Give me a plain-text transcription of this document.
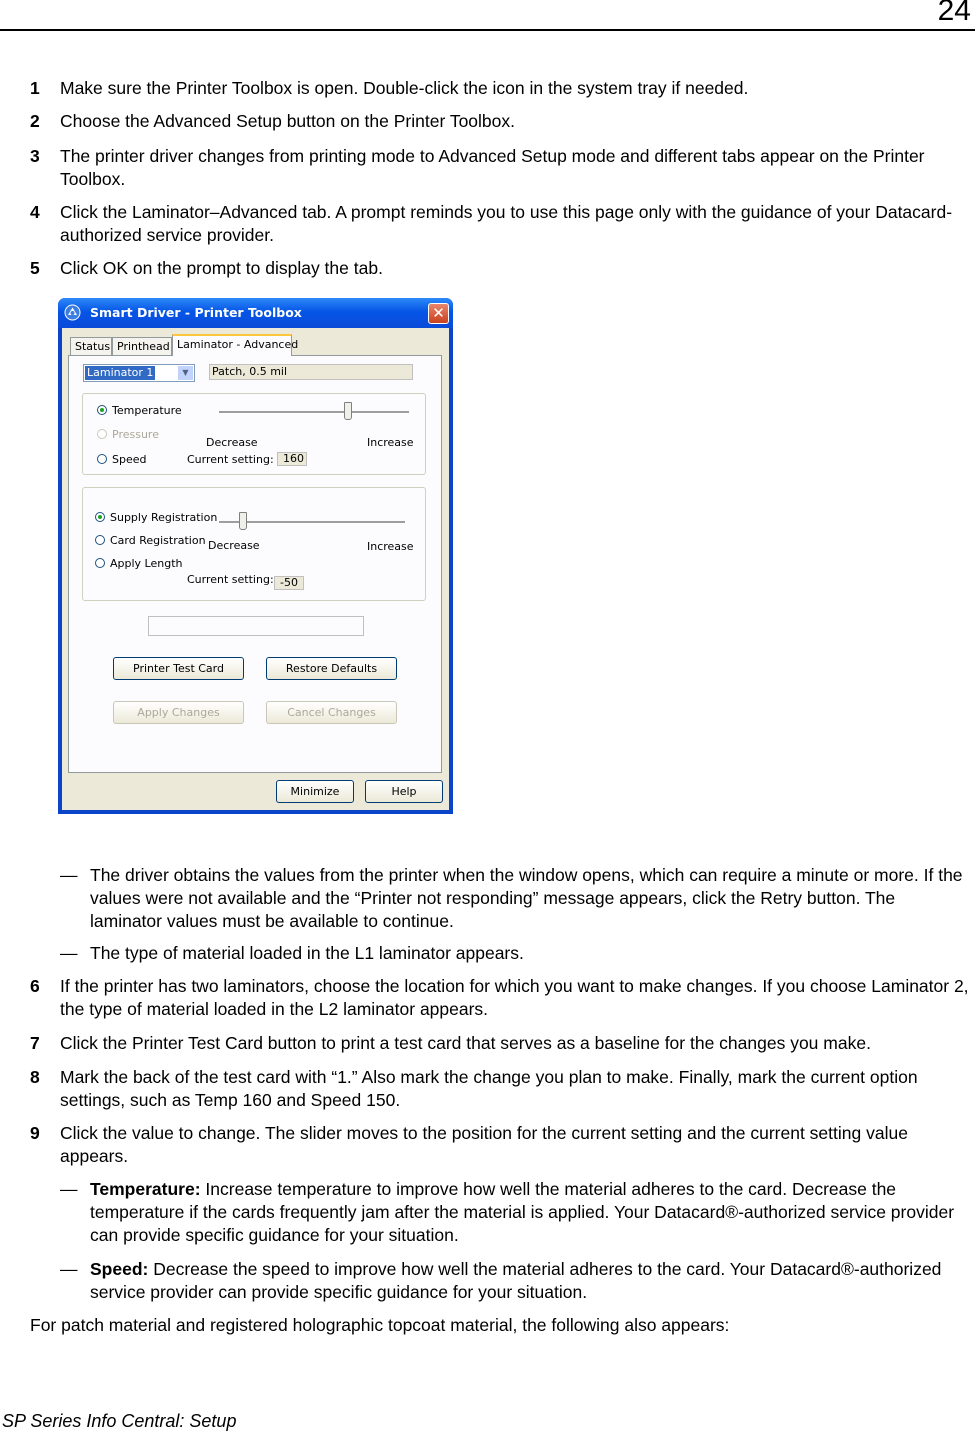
24
1 Make sure the Printer Toolbox is open. Double-click the icon in the system tray if needed.
2 Choose the Advanced Setup button on the Printer Toolbox.
3 The printer driver changes from printing mode to Advanced Setup mode and different tabs appear on the Printer Toolbox.
4 Click the Laminator–Advanced tab. A prompt reminds you to use this page only with the guidance of your Datacard-authorized service provider.
5 Click OK on the prompt to display the tab.
Smart Driver - Printer Toolbox	✕
Status Printhead Laminator - Advanced
Laminator 1	▼	Patch, 0.5 mil
Temperature
Pressure
Speed
Decrease	Increase
Current setting: 160
Supply Registration
Card Registration
Apply Length
Decrease	Increase
Current setting: -50
Printer Test Card	Restore Defaults
Apply Changes	Cancel Changes
Minimize	Help
— The driver obtains the values from the printer when the window opens, which can require a minute or more. If the values were not available and the “Printer not responding” message appears, click the Retry button. The laminator values must be available to continue.
— The type of material loaded in the L1 laminator appears.
6 If the printer has two laminators, choose the location for which you want to make changes. If you choose Laminator 2, the type of material loaded in the L2 laminator appears.
7 Click the Printer Test Card button to print a test card that serves as a baseline for the changes you make.
8 Mark the back of the test card with “1.” Also mark the change you plan to make. Finally, mark the current option settings, such as Temp 160 and Speed 150.
9 Click the value to change. The slider moves to the position for the current setting and the current setting value appears.
— Temperature: Increase temperature to improve how well the material adheres to the card. Decrease the temperature if the cards frequently jam after the material is applied. Your Datacard®-authorized service provider can provide specific guidance for your situation.
— Speed: Decrease the speed to improve how well the material adheres to the card. Your Datacard®-authorized service provider can provide specific guidance for your situation.
For patch material and registered holographic topcoat material, the following also appears:
SP Series Info Central: Setup
